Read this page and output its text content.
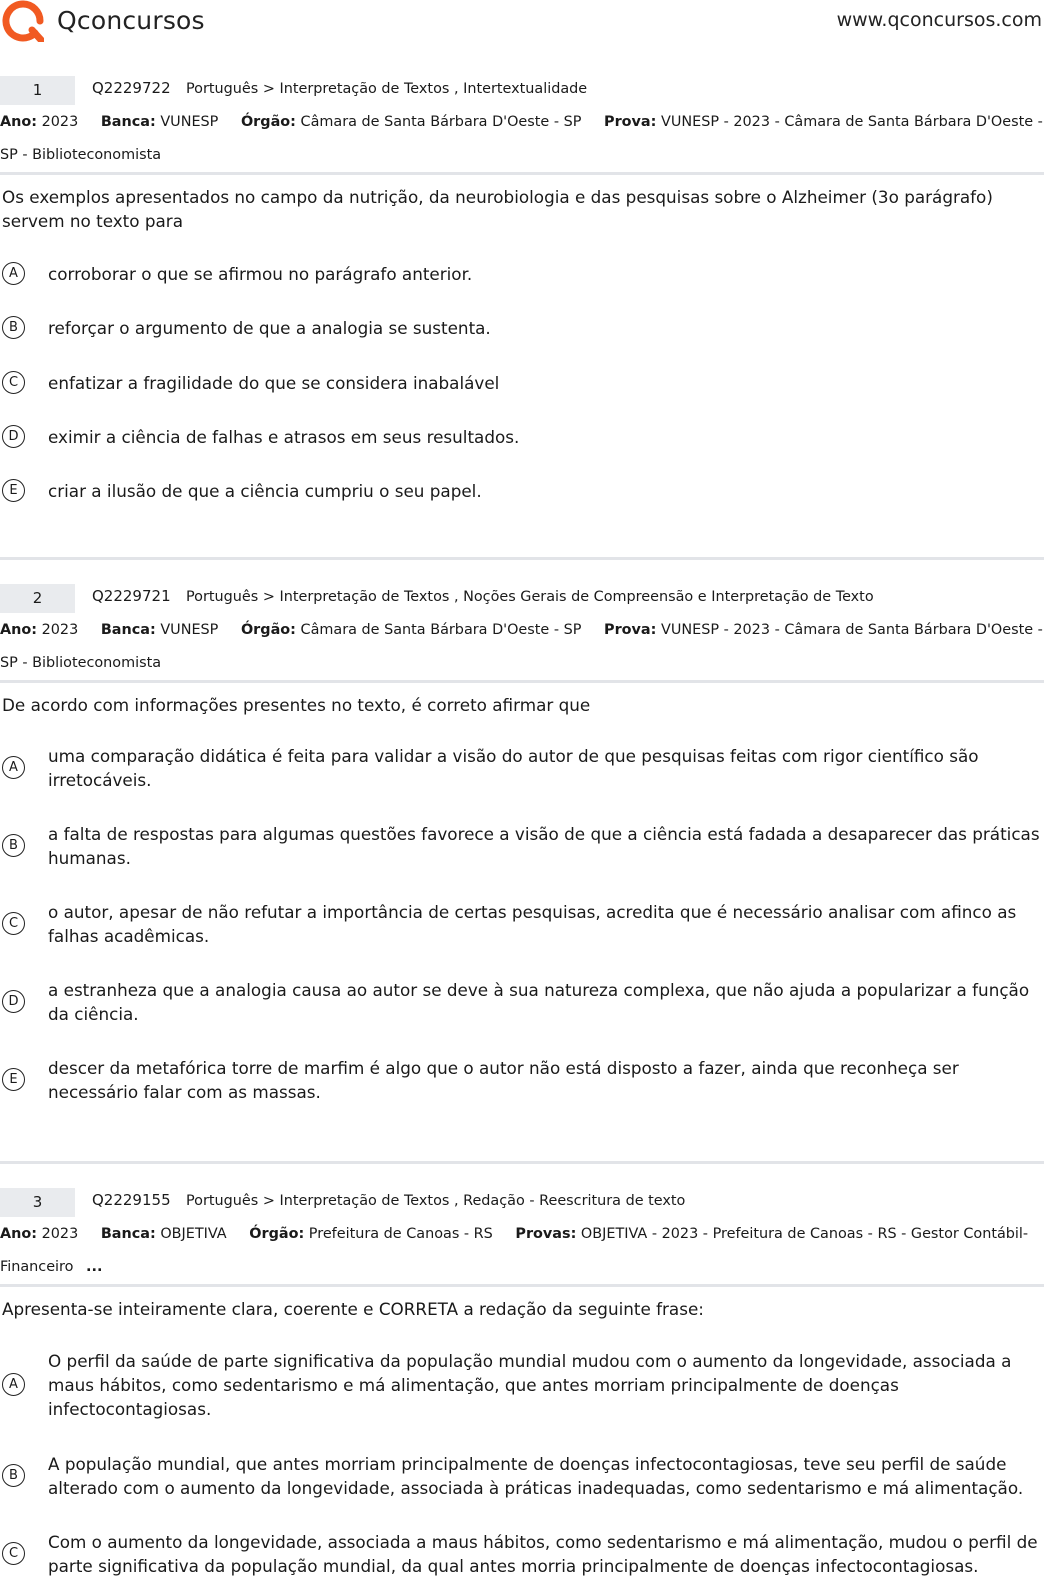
Qconcursos	www.qconcursos.com
1	Q2229722 Português > Interpretação de Textos , Intertextualidade
Ano: 2023 Banca: VUNESP Órgão: Câmara de Santa Bárbara D'Oeste - SP Prova: VUNESP - 2023 - Câmara de Santa Bárbara D'Oeste - SP - Biblioteconomista
Os exemplos apresentados no campo da nutrição, da neurobiologia e das pesquisas sobre o Alzheimer (3o parágrafo) servem no texto para
A	corroborar o que se afirmou no parágrafo anterior.
B	reforçar o argumento de que a analogia se sustenta.
C	enfatizar a fragilidade do que se considera inabalável
D	eximir a ciência de falhas e atrasos em seus resultados.
E	criar a ilusão de que a ciência cumpriu o seu papel.
2	Q2229721 Português > Interpretação de Textos , Noções Gerais de Compreensão e Interpretação de Texto
Ano: 2023 Banca: VUNESP Órgão: Câmara de Santa Bárbara D'Oeste - SP Prova: VUNESP - 2023 - Câmara de Santa Bárbara D'Oeste - SP - Biblioteconomista
De acordo com informações presentes no texto, é correto afirmar que
A
uma comparação didática é feita para validar a visão do autor de que pesquisas feitas com rigor científico são irretocáveis.
B
a falta de respostas para algumas questões favorece a visão de que a ciência está fadada a desaparecer das práticas humanas.
C
o autor, apesar de não refutar a importância de certas pesquisas, acredita que é necessário analisar com afinco as falhas acadêmicas.
D
a estranheza que a analogia causa ao autor se deve à sua natureza complexa, que não ajuda a popularizar a função da ciência.
E
descer da metafórica torre de marfim é algo que o autor não está disposto a fazer, ainda que reconheça ser necessário falar com as massas.
3	Q2229155 Português > Interpretação de Textos , Redação - Reescritura de texto
Ano: 2023 Banca: OBJETIVA Órgão: Prefeitura de Canoas - RS Provas: OBJETIVA - 2023 - Prefeitura de Canoas - RS - Gestor Contábil-Financeiro ...
Apresenta-se inteiramente clara, coerente e CORRETA a redação da seguinte frase:
A
O perfil da saúde de parte significativa da população mundial mudou com o aumento da longevidade, associada a maus hábitos, como sedentarismo e má alimentação, que antes morriam principalmente de doenças infectocontagiosas.
B
A população mundial, que antes morriam principalmente de doenças infectocontagiosas, teve seu perfil de saúde alterado com o aumento da longevidade, associada à práticas inadequadas, como sedentarismo e má alimentação.
C
Com o aumento da longevidade, associada a maus hábitos, como sedentarismo e má alimentação, mudou o perfil de parte significativa da população mundial, da qual antes morria principalmente de doenças infectocontagiosas.
